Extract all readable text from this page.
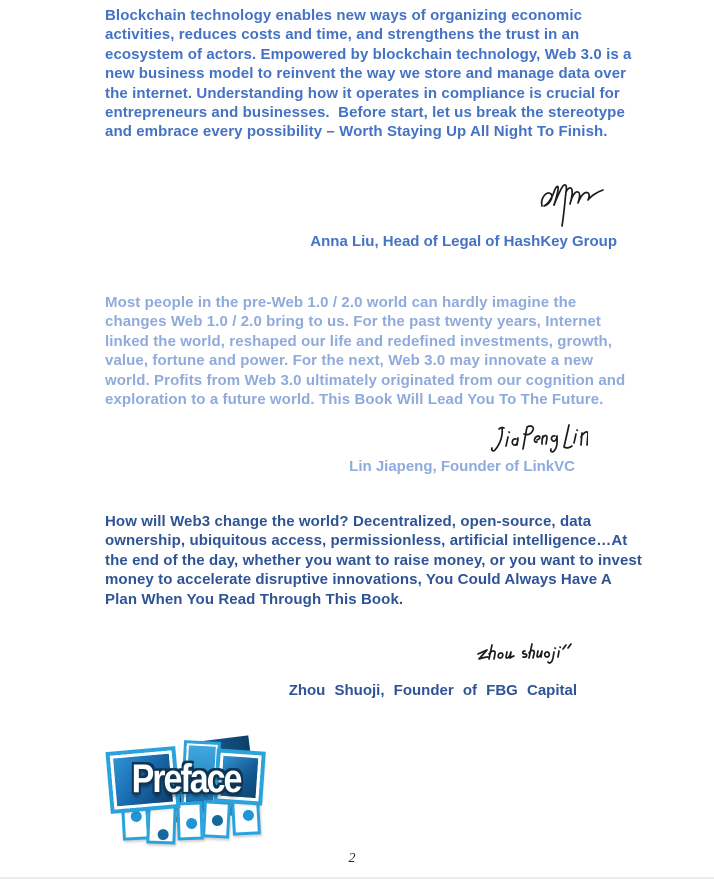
Blockchain technology enables new ways of organizing economic activities, reduces costs and time, and strengthens the trust in an ecosystem of actors. Empowered by blockchain technology, Web 3.0 is a new business model to reinvent the way we store and manage data over the internet. Understanding how it operates in compliance is crucial for entrepreneurs and businesses.  Before start, let us break the stereotype and embrace every possibility – Worth Staying Up All Night To Finish.

Anna Liu, Head of Legal of HashKey Group

Most people in the pre-Web 1.0 / 2.0 world can hardly imagine the changes Web 1.0 / 2.0 bring to us. For the past twenty years, Internet linked the world, reshaped our life and redefined investments, growth, value, fortune and power. For the next, Web 3.0 may innovate a new world. Profits from Web 3.0 ultimately originated from our cognition and exploration to a future world. This Book Will Lead You To The Future.

Lin Jiapeng, Founder of LinkVC

How will Web3 change the world? Decentralized, open-source, data ownership, ubiquitous access, permissionless, artificial intelligence…At the end of the day, whether you want to raise money, or you want to invest money to accelerate disruptive innovations, You Could Always Have A Plan When You Read Through This Book.

Zhou Shuoji, Founder of FBG Capital
Preface
2
